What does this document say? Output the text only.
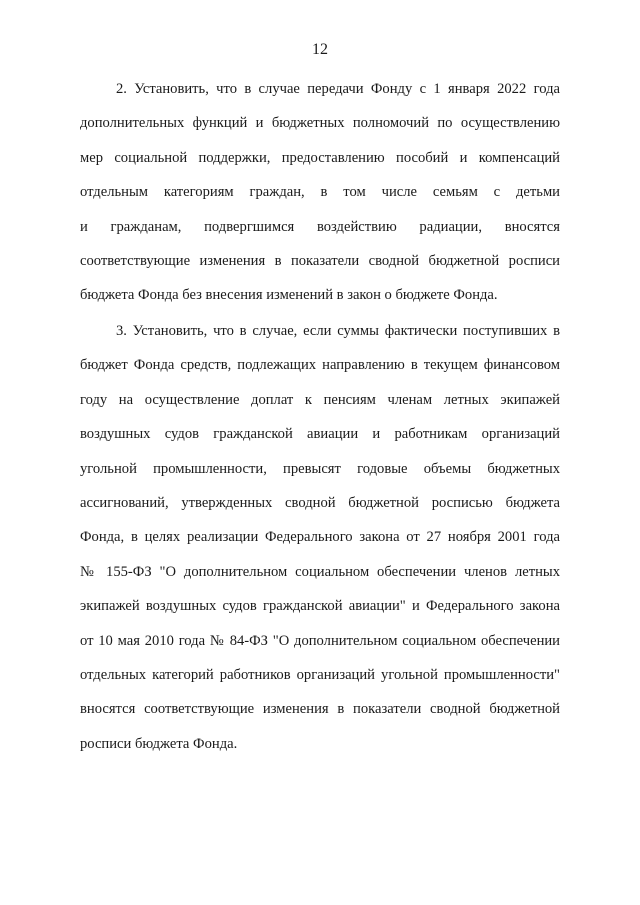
12
2. Установить, что в случае передачи Фонду с 1 января 2022 года
дополнительных функций и бюджетных полномочий по осуществлению
мер социальной поддержки, предоставлению пособий и компенсаций
отдельным категориям граждан, в том числе семьям с детьми
и гражданам, подвергшимся воздействию радиации, вносятся
соответствующие изменения в показатели сводной бюджетной росписи
бюджета Фонда без внесения изменений в закон о бюджете Фонда.
3. Установить, что в случае, если суммы фактически поступивших в
бюджет Фонда средств, подлежащих направлению в текущем финансовом
году на осуществление доплат к пенсиям членам летных экипажей
воздушных судов гражданской авиации и работникам организаций
угольной промышленности, превысят годовые объемы бюджетных
ассигнований, утвержденных сводной бюджетной росписью бюджета
Фонда, в целях реализации Федерального закона от 27 ноября 2001 года
№ 155-ФЗ "О дополнительном социальном обеспечении членов летных
экипажей воздушных судов гражданской авиации" и Федерального закона
от 10 мая 2010 года № 84-ФЗ "О дополнительном социальном обеспечении
отдельных категорий работников организаций угольной промышленности"
вносятся соответствующие изменения в показатели сводной бюджетной
росписи бюджета Фонда.
